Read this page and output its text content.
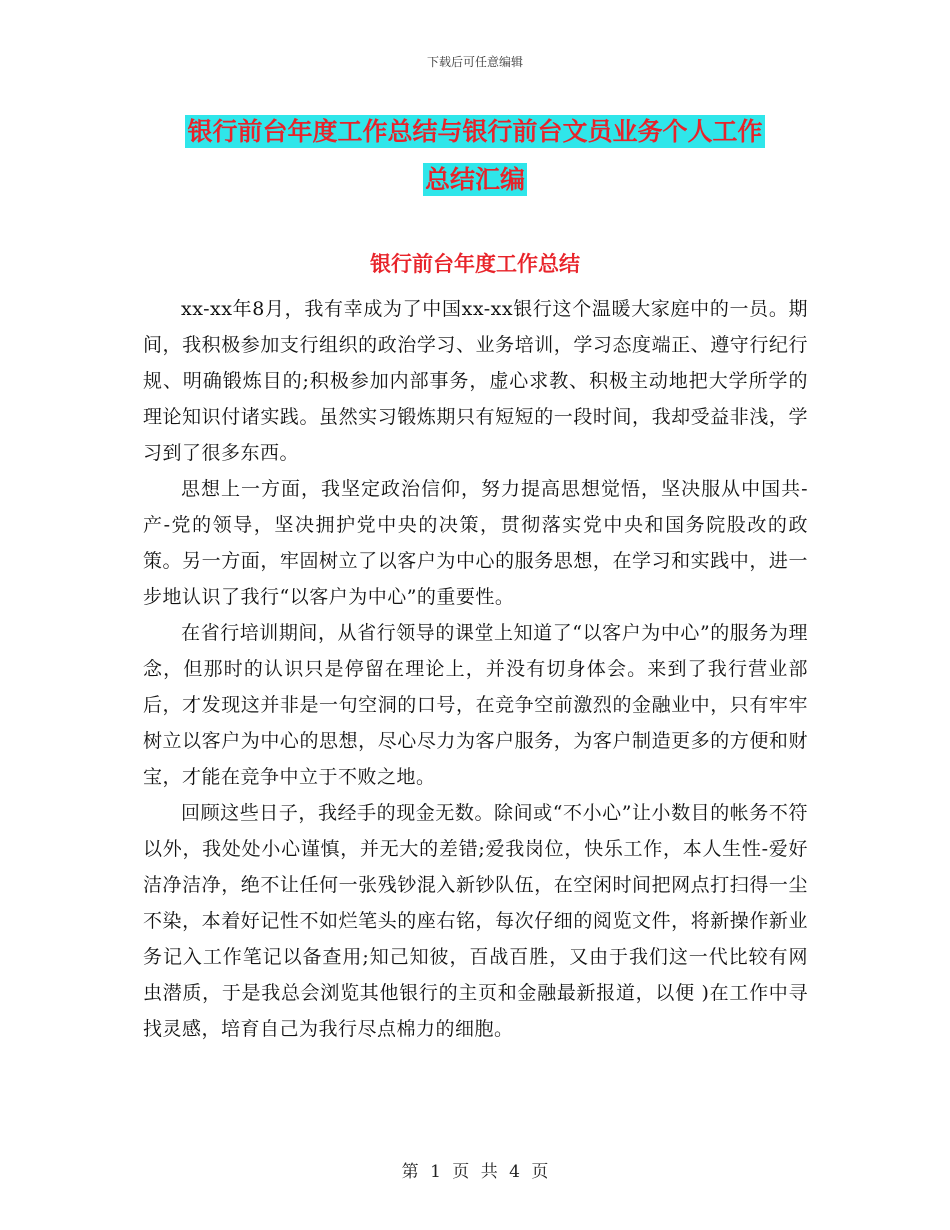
下载后可任意编辑
银行前台年度工作总结与银行前台文员业务个人工作
总结汇编
银行前台年度工作总结

xx-xx年8月，我有幸成为了中国xx-xx银行这个温暖大家庭中的一员。期间，我积极参加支行组织的政治学习、业务培训，学习态度端正、遵守行纪行规、明确锻炼目的;积极参加内部事务，虚心求教、积极主动地把大学所学的理论知识付诸实践。虽然实习锻炼期只有短短的一段时间，我却受益非浅，学习到了很多东西。

思想上一方面，我坚定政治信仰，努力提高思想觉悟，坚决服从中国共-产-党的领导，坚决拥护党中央的决策，贯彻落实党中央和国务院股改的政策。另一方面，牢固树立了以客户为中心的服务思想，在学习和实践中，进一步地认识了我行“以客户为中心”的重要性。

在省行培训期间，从省行领导的课堂上知道了“以客户为中心”的服务为理念，但那时的认识只是停留在理论上，并没有切身体会。来到了我行营业部后，才发现这并非是一句空洞的口号，在竞争空前激烈的金融业中，只有牢牢树立以客户为中心的思想，尽心尽力为客户服务，为客户制造更多的方便和财宝，才能在竞争中立于不败之地。

回顾这些日子，我经手的现金无数。除间或“不小心”让小数目的帐务不符以外，我处处小心谨慎，并无大的差错;爱我岗位，快乐工作，本人生性-爱好洁净洁净，绝不让任何一张残钞混入新钞队伍，在空闲时间把网点打扫得一尘不染，本着好记性不如烂笔头的座右铭，每次仔细的阅览文件，将新操作新业务记入工作笔记以备查用;知己知彼，百战百胜，又由于我们这一代比较有网虫潜质，于是我总会浏览其他银行的主页和金融最新报道，以便 )在工作中寻找灵感，培育自己为我行尽点棉力的细胞。

第 1 页 共 4 页
